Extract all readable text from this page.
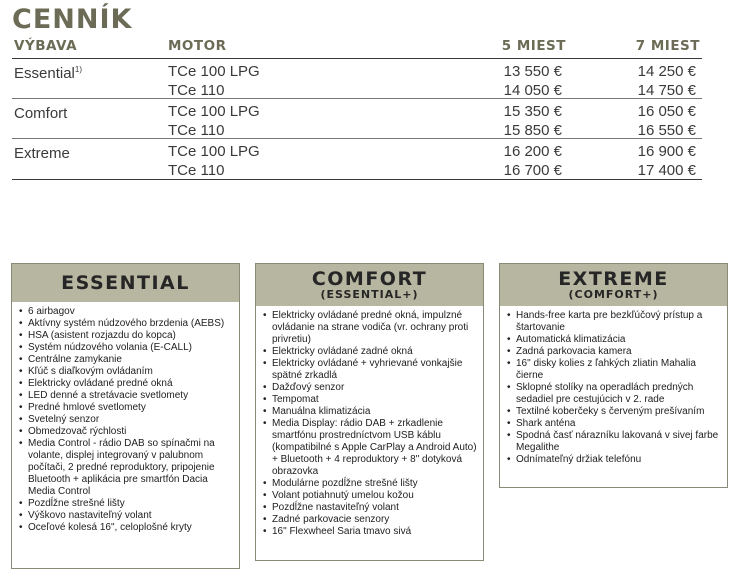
CENNÍK
VÝBAVA	MOTOR	5 MIEST	7 MIEST
Essential$^{1)}$	TCe 100 LPG	13 550 €	14 250 €
TCe 110	14 050 €	14 750 €
Comfort	TCe 100 LPG	15 350 €	16 050 €
TCe 110	15 850 €	16 550 €
Extreme	TCe 100 LPG	16 200 €	16 900 €
TCe 110	16 700 €	17 400 €
ESSENTIAL
• 6 airbagov
• Aktívny systém núdzového brzdenia (AEBS)
• HSA (asistent rozjazdu do kopca)
• Systém núdzového volania (E-CALL)
• Centrálne zamykanie
• Kľúč s diaľkovým ovládaním
• Elektricky ovládané predné okná
• LED denné a stretávacie svetlomety
• Predné hmlové svetlomety
• Svetelný senzor
• Obmedzovač rýchlosti
• Media Control - rádio DAB so spínačmi na volante, displej integrovaný v palubnom počítači, 2 predné reproduktory, pripojenie Bluetooth + aplikácia pre smartfón Dacia Media Control
• Pozdĺžne strešné lišty
• Výškovo nastaviteľný volant
• Oceľové kolesá 16", celoplošné kryty
COMFORT
(ESSENTIAL+)
• Elektricky ovládané predné okná, impulzné ovládanie na strane vodiča (vr. ochrany proti privretiu)
• Elektricky ovládané zadné okná
• Elektricky ovládané + vyhrievané vonkajšie spätné zrkadlá
• Dažďový senzor
• Tempomat
• Manuálna klimatizácia
• Media Display: rádio DAB + zrkadlenie smartfónu prostredníctvom USB káblu (kompatibilné s Apple CarPlay a Android Auto) + Bluetooth + 4 reproduktory + 8" dotyková obrazovka
• Modulárne pozdĺžne strešné lišty
• Volant potiahnutý umelou kožou
• Pozdĺžne nastaviteľný volant
• Zadné parkovacie senzory
• 16" Flexwheel Saria tmavo sivá
EXTREME
(COMFORT+)
• Hands-free karta pre bezkľúčový prístup a štartovanie
• Automatická klimatizácia
• Zadná parkovacia kamera
• 16" disky kolies z ľahkých zliatin Mahalia čierne
• Sklopné stolíky na operadlách predných sedadiel pre cestujúcich v 2. rade
• Textilné koberčeky s červeným prešívaním
• Shark anténa
• Spodná časť nárazníku lakovaná v sivej farbe Megalithe
• Odnímateľný držiak telefónu
